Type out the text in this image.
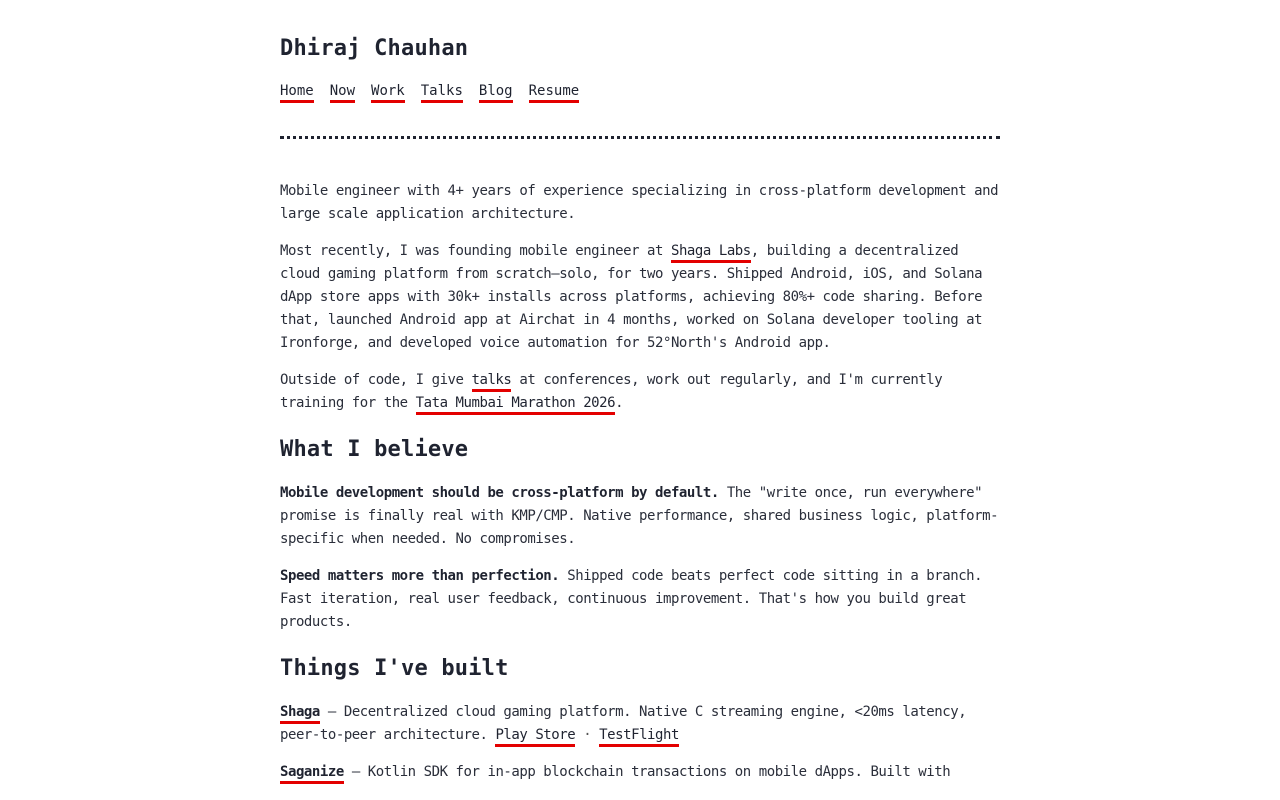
Dhiraj Chauhan
Home Now Work Talks Blog Resume

Mobile engineer with 4+ years of experience specializing in cross-platform development and large scale application architecture.

Most recently, I was founding mobile engineer at Shaga Labs, building a decentralized cloud gaming platform from scratch—solo, for two years. Shipped Android, iOS, and Solana dApp store apps with 30k+ installs across platforms, achieving 80%+ code sharing. Before that, launched Android app at Airchat in 4 months, worked on Solana developer tooling at Ironforge, and developed voice automation for 52°North's Android app.

Outside of code, I give talks at conferences, work out regularly, and I'm currently training for the Tata Mumbai Marathon 2026.

What I believe

Mobile development should be cross-platform by default. The "write once, run everywhere" promise is finally real with KMP/CMP. Native performance, shared business logic, platform-specific when needed. No compromises.

Speed matters more than perfection. Shipped code beats perfect code sitting in a branch. Fast iteration, real user feedback, continuous improvement. That's how you build great products.

Things I've built

Shaga — Decentralized cloud gaming platform. Native C streaming engine, <20ms latency, peer-to-peer architecture. Play Store · TestFlight

Saganize — Kotlin SDK for in-app blockchain transactions on mobile dApps. Built with
